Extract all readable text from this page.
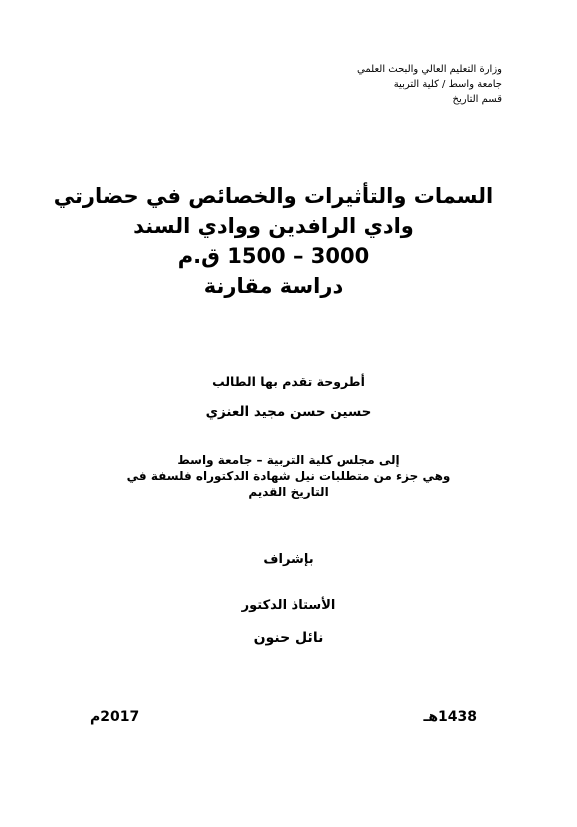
وزارة التعليم العالي والبحث العلمي
جامعة واسط / كلية التربية
قسم التاريخ
السمات والتأثيرات والخصائص في حضارتي
وادي الرافدين ووادي السند
3000 – 1500 ق.م
دراسة مقارنة
أطروحة تقدم بها الطالب
حسين حسن مجيد العنزي
إلى مجلس كلية التربية – جامعة واسط
وهي جزء من متطلبات نيل شهادة الدكتوراه فلسفة في
التاريخ القديم
بإشراف
الأستاذ الدكتور
نائل حنون
1438هـ
2017م
